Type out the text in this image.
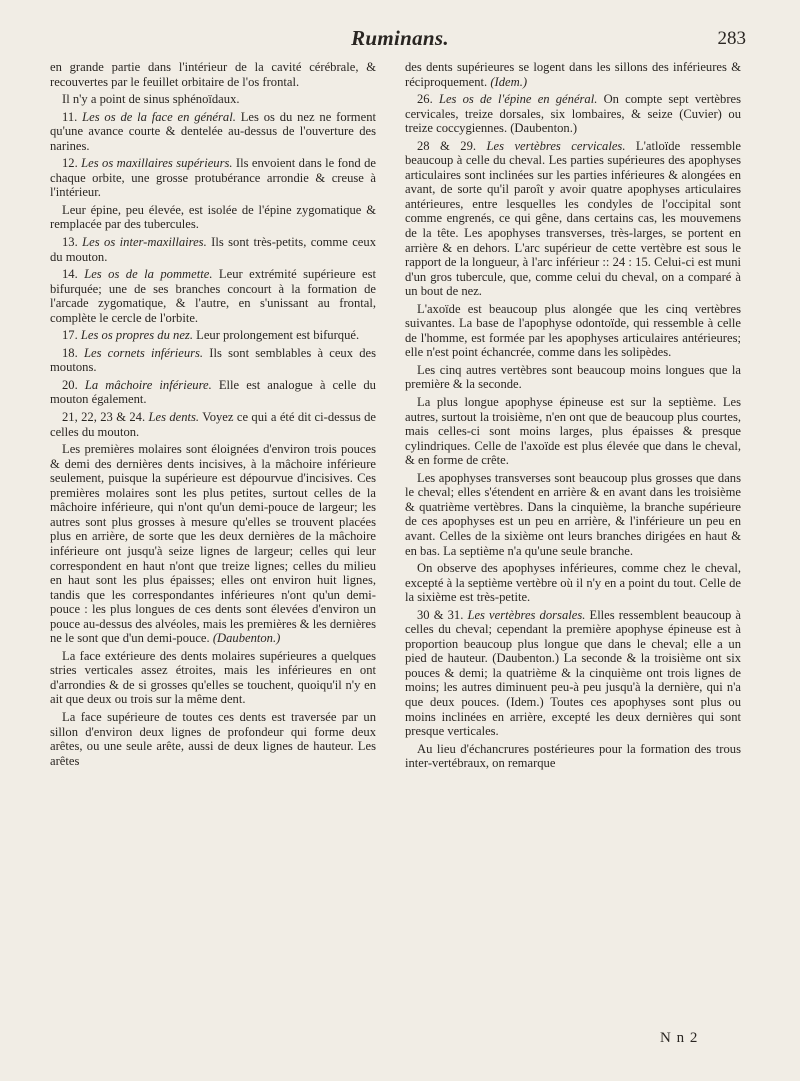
Ruminans.	283

en grande partie dans l'intérieur de la cavité cérébrale, & recouvertes par le feuillet orbitaire de l'os frontal.

Il n'y a point de sinus sphénoïdaux.

11. Les os de la face en général. Les os du nez ne forment qu'une avance courte & dentelée au-dessus de l'ouverture des narines.

12. Les os maxillaires supérieurs. Ils envoient dans le fond de chaque orbite, une grosse protubérance arrondie & creuse à l'intérieur.

Leur épine, peu élevée, est isolée de l'épine zygomatique & remplacée par des tubercules.

13. Les os inter-maxillaires. Ils sont très-petits, comme ceux du mouton.

14. Les os de la pommette. Leur extrémité supérieure est bifurquée; une de ses branches concourt à la formation de l'arcade zygomatique, & l'autre, en s'unissant au frontal, complète le cercle de l'orbite.

17. Les os propres du nez. Leur prolongement est bifurqué.

18. Les cornets inférieurs. Ils sont semblables à ceux des moutons.

20. La mâchoire inférieure. Elle est analogue à celle du mouton également.

21, 22, 23 & 24. Les dents. Voyez ce qui a été dit ci-dessus de celles du mouton.

Les premières molaires sont éloignées d'environ trois pouces & demi des dernières dents incisives, à la mâchoire inférieure seulement, puisque la supérieure est dépourvue d'incisives. Ces premières molaires sont les plus petites, surtout celles de la mâchoire inférieure, qui n'ont qu'un demi-pouce de largeur; les autres sont plus grosses à mesure qu'elles se trouvent placées plus en arrière, de sorte que les deux dernières de la mâchoire inférieure ont jusqu'à seize lignes de largeur; celles qui leur correspondent en haut n'ont que treize lignes; celles du milieu en haut sont les plus épaisses; elles ont environ huit lignes, tandis que les correspondantes inférieures n'ont qu'un demi-pouce : les plus longues de ces dents sont élevées d'environ un pouce au-dessus des alvéoles, mais les premières & les dernières ne le sont que d'un demi-pouce. (Daubenton.)

La face extérieure des dents molaires supérieures a quelques stries verticales assez étroites, mais les inférieures en ont d'arrondies & de si grosses qu'elles se touchent, quoiqu'il n'y en ait que deux ou trois sur la même dent.

La face supérieure de toutes ces dents est traversée par un sillon d'environ deux lignes de profondeur qui forme deux arêtes, ou une seule arête, aussi de deux lignes de hauteur. Les arêtes

des dents supérieures se logent dans les sillons des inférieures & réciproquement. (Idem.)

26. Les os de l'épine en général. On compte sept vertèbres cervicales, treize dorsales, six lombaires, & seize (Cuvier) ou treize coccygiennes. (Daubenton.)

28 & 29. Les vertèbres cervicales. L'atloïde ressemble beaucoup à celle du cheval. Les parties supérieures des apophyses articulaires sont inclinées sur les parties inférieures & alongées en avant, de sorte qu'il paroît y avoir quatre apophyses articulaires antérieures, entre lesquelles les condyles de l'occipital sont comme engrenés, ce qui gêne, dans certains cas, les mouvemens de la tête. Les apophyses transverses, très-larges, se portent en arrière & en dehors. L'arc supérieur de cette vertèbre est sous le rapport de la longueur, à l'arc inférieur :: 24 : 15. Celui-ci est muni d'un gros tubercule, que, comme celui du cheval, on a comparé à un bout de nez.

L'axoïde est beaucoup plus alongée que les cinq vertèbres suivantes. La base de l'apophyse odontoïde, qui ressemble à celle de l'homme, est formée par les apophyses articulaires antérieures; elle n'est point échancrée, comme dans les solipèdes.

Les cinq autres vertèbres sont beaucoup moins longues que la première & la seconde.

La plus longue apophyse épineuse est sur la septième. Les autres, surtout la troisième, n'en ont que de beaucoup plus courtes, mais celles-ci sont moins larges, plus épaisses & presque cylindriques. Celle de l'axoïde est plus élevée que dans le cheval, & en forme de crête.

Les apophyses transverses sont beaucoup plus grosses que dans le cheval; elles s'étendent en arrière & en avant dans les troisième & quatrième vertèbres. Dans la cinquième, la branche supérieure de ces apophyses est un peu en arrière, & l'inférieure un peu en avant. Celles de la sixième ont leurs branches dirigées en haut & en bas. La septième n'a qu'une seule branche.

On observe des apophyses inférieures, comme chez le cheval, excepté à la septième vertèbre où il n'y en a point du tout. Celle de la sixième est très-petite.

30 & 31. Les vertèbres dorsales. Elles ressemblent beaucoup à celles du cheval; cependant la première apophyse épineuse est à proportion beaucoup plus longue que dans le cheval; elle a un pied de hauteur. (Daubenton.) La seconde & la troisième ont six pouces & demi; la quatrième & la cinquième ont trois lignes de moins; les autres diminuent peu-à peu jusqu'à la dernière, qui n'a que deux pouces. (Idem.) Toutes ces apophyses sont plus ou moins inclinées en arrière, excepté les deux dernières qui sont presque verticales.

Au lieu d'échancrures postérieures pour la formation des trous inter-vertébraux, on remarque

N n 2
